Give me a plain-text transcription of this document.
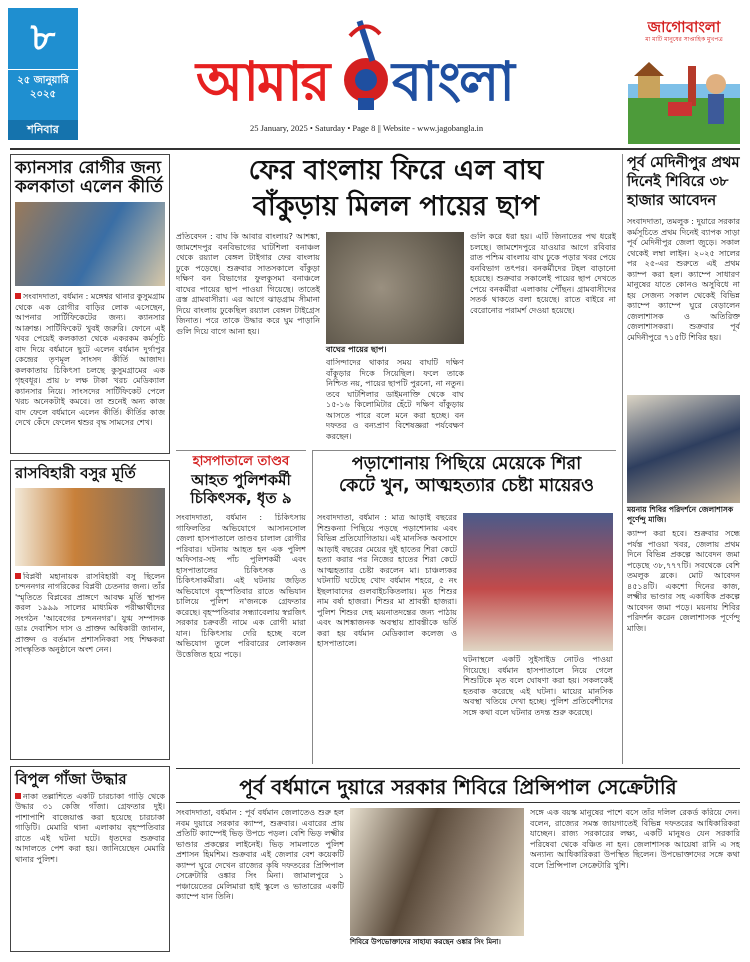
৮
২৫ জানুয়ারি ২০২৫
শনিবার
আমার বাংলা
25 January, 2025 • Saturday • Page 8 || Website - www.jagobangla.in
জাগোবাংলা
মা মাটি মানুষের সাপ্তাহিক মুখপত্র
ক্যানসার রোগীর জন্য কলকাতা এলেন কীর্তি
সংবাদদাতা, বর্ধমান : মঙ্গেশ্বর থানার কুসুমগ্রাম থেকে এক রোগীর বাড়ির লোক এসেছেন, আপনার সার্টিফিকেটের জন্য। ক্যানসার আক্রান্ত। সার্টিফিকেট খুবই জরুরি। ফোনে এই খবর পেয়েই কলকাতা থেকে একরকম কর্মসূচি বাদ দিয়ে বর্ধমানে ছুটে এলেন বর্ধমান দুর্গাপুর কেন্দ্রের তৃণমূল সাংসদ কীর্তি আজাদ। কলকাতায় চিকিৎসা চলছে কুসুমগ্রামের এক গৃহবধূর। প্রায় ৮ লক্ষ টাকা খরচ মেডিক্যাল ক্যানসার নিয়ে। সাংসদের সার্টিফিকেট পেলে খরচ অনেকটাই কমবে। তা শুনেই অন্য কাজ বাদ ফেলে বর্ধমানে এলেন কীর্তি। কীর্তির কাজ দেখে কেঁদে ফেলেন শ্বশুর বৃদ্ধ সামসের শেখ।
রাসবিহারী বসুর মূর্তি
বিপ্লবী মহানায়ক রাসবিহারী বসু ছিলেন চন্দননগর নাগরিকের বিপ্লবী চেতনার জন্য। তাঁর 'স্মৃতিতে বিপ্লবের প্রাঙ্গণে আবক্ষ মূর্তি স্থাপন করল ১৯৯৯ সালের মাধ্যমিক পরীক্ষার্থীদের সংগঠন 'আবেগের চন্দননগর'। যুগ্ম সম্পাদক ডাঃ দেবাশিস দাস ও প্রাক্তন অধিকারী জানান, প্রাক্তন ও বর্তমান প্রশাসনিকরা সহ শিক্ষকরা সাংস্কৃতিক অনুষ্ঠানে অংশ নেন।
বিপুল গাঁজা উদ্ধার
নাকা তল্লাশিতে একটি চারচাকা গাড়ি থেকে উদ্ধার ৩১ কেজি গাঁজা। গ্রেফতার দুই। পাশাপাশি বাজেয়াপ্ত করা হয়েছে চারচাকা গাড়িটি। মেমারি থানা এলাকায় বৃহস্পতিবার রাতে এই ঘটনা ঘটে। ধৃতদের শুক্রবার আদালতে পেশ করা হয়। জানিয়েছেন মেমারি থানার পুলিশ।
ফের বাংলায় ফিরে এল বাঘ
বাঁকুড়ায় মিলল পায়ের ছাপ
প্রতিবেদন : বাঘ কি আবার বাংলায়? আশঙ্কা, জামশেদপুর বনবিভাগের ঘাটশিলা বনাঞ্চল থেকে রয়্যাল বেঙ্গল টাইগার ফের বাংলায় ঢুকে পড়েছে। শুক্রবার সাতসকালে বাঁকুড়া দক্ষিণ বন বিভাগের ফুলকুসমা বনাঞ্চলে বাঘের পায়ের ছাপ পাওয়া গিয়েছে। তাতেই ত্রস্ত গ্রামবাসীরা। এর আগে ঝাড়গ্রাম সীমানা দিয়ে বাংলায় ঢুকেছিল রয়্যাল বেঙ্গল টাইগ্রেস জিনাত। পরে তাকে উদ্ধার করে ঘুম পাড়ানি গুলি দিয়ে বাগে আনা হয়।
বাঘের পায়ের ছাপ।
বাসিন্দাদের থাকার সময় বাঘটি দক্ষিণ বাঁকুড়ার দিকে সিয়েছিল। ফলে তাকে নিশ্চিত নয়, পায়ের ছাপটি পুরনো, না নতুন। তবে ঘাটশিলার ডাইমনাক্তি থেকে বাঘ ১৫-১৬ কিলোমিটার হেঁটে দক্ষিণ বাঁকুড়ায় আসতে পারে বলে মনে করা হচ্ছে। বন দফতর ও বন্যপ্রাণ বিশেষজ্ঞরা পর্যবেক্ষণ করছেন।
গুলি করে ধরা হয়। এটি জিনাতের পথ ধরেই চলছে। জামশেদপুরে যাওয়ার আগে রবিবার রাত পশ্চিম বাংলায় বাঘ ঢুকে পড়ার খবর পেয়ে বনবিভাগ তৎপর। বনকর্মীদের টহল বাড়ানো হয়েছে। শুক্রবার সকালেই পায়ের ছাপ দেখতে পেয়ে বনকর্মীরা এলাকায় পৌঁছন। গ্রামবাসীদের সতর্ক থাকতে বলা হয়েছে। রাতে বাইরে না বেরোনোর পরামর্শ দেওয়া হয়েছে।
পূর্ব মেদিনীপুর প্রথম দিনেই শিবিরে ৩৮ হাজার আবেদন
সংবাদদাতা, তমলুক : দুয়ারে সরকার কর্মসূচিতে প্রথম দিনেই ব্যাপক সাড়া পূর্ব মেদিনীপুর জেলা জুড়ে। সকাল থেকেই লম্বা লাইন। ২০২৫ সালের পর ২৫-এর শুরুতে এই প্রথম ক্যাম্প করা হল। ক্যাম্পে সাধারণ মানুষের যাতে কোনও অসুবিধে না হয় সেজন্য সকাল থেকেই বিভিন্ন ক্যাম্পে ক্যাম্পে ঘুরে বেড়ালেন জেলাশাসক ও অতিরিক্ত জেলাশাসকরা। শুক্রবার পূর্ব মেদিনীপুরে ৭১৫টি শিবির হয়।
ময়নায় শিবির পরিদর্শনে জেলাশাসক পূর্ণেন্দু মাজি।
ক্যাম্প করা হবে। শুক্রবার সন্ধে পর্যন্ত পাওয়া খবর, জেলায় প্রথম দিনে বিভিন্ন প্রকল্পে আবেদন জমা পড়েছে ৩৮,৭৭৭টি। সবথেকে বেশি তমলুক ব্লকে। মোট আবেদন ৪৫১৪টি। একশো দিনের কাজ, লক্ষ্মীর ভাণ্ডার সহ একাধিক প্রকল্পে আবেদন জমা পড়ে। ময়নায় শিবির পরিদর্শন করেন জেলাশাসক পূর্ণেন্দু মাজি।
হাসপাতালে তাণ্ডব
আহত পুলিশকর্মী চিকিৎসক, ধৃত ৯
সংবাদদাতা, বর্ধমান : চিকিৎসায় গাফিলতির অভিযোগে আসানসোল জেলা হাসপাতালে তাণ্ডব চালাল রোগীর পরিবার। ঘটনায় আহত হন এক পুলিশ অফিসার-সহ পাঁচ পুলিশকর্মী এবং হাসপাতালের চিকিৎসক ও চিকিৎসাকর্মীরা। এই ঘটনায় জড়িত অভিযোগে বৃহস্পতিবার রাতে অভিযান চালিয়ে পুলিশ ন'জনকে গ্রেফতার করেছে। বৃহস্পতিবার সন্ধ্যাবেলায় স্বপ্নজিৎ সরকার চক্রবর্তী নামে এক রোগী মারা যান। চিকিৎসায় দেরি হচ্ছে বলে অভিযোগ তুলে পরিবারের লোকজন উত্তেজিত হয়ে পড়ে।
পড়াশোনায় পিছিয়ে মেয়েকে শিরা
কেটে খুন, আত্মহত্যার চেষ্টা মায়েরও
সংবাদদাতা, বর্ধমান : মাত্র আড়াই বছরের শিশুকন্যা পিছিয়ে পড়ছে পড়াশোনায় এবং বিভিন্ন প্রতিযোগিতায়। এই মানসিক অবসাদে আড়াই বছরের মেয়ের দুই হাতের শিরা কেটে হত্যা করার পর নিজের হাতের শিরা কেটে আত্মহত্যার চেষ্টা করলেন মা। চাঞ্চল্যকর ঘটনাটি ঘটেছে খোদ বর্ধমান শহরে, ৫ নং ইছলাবাদের গুলবাইচকিতলায়। মৃত শিশুর নাম বর্ষা হাজরা। শিশুর মা শ্রাবন্তী হাজরা। পুলিশ শিশুর দেহ ময়নাতদন্তের জন্য পাঠায় এবং আশঙ্কাজনক অবস্থায় শ্রাবন্তীকে ভর্তি করা হয় বর্ধমান মেডিক্যাল কলেজ ও হাসপাতালে।
ঘটনাস্থলে একটি সুইসাইড নোটও পাওয়া গিয়েছে। বর্ধমান হাসপাতালে নিয়ে গেলে শিশুটিকে মৃত বলে ঘোষণা করা হয়। সকলকেই হতবাক করেছে এই ঘটনা। মায়ের মানসিক অবস্থা খতিয়ে দেখা হচ্ছে। পুলিশ প্রতিবেশীদের সঙ্গে কথা বলে ঘটনার তদন্ত শুরু করেছে।
পূর্ব বর্ধমানে দুয়ারে সরকার শিবিরে প্রিন্সিপাল সেক্রেটারি
সংবাদদাতা, বর্ধমান : পূর্ব বর্ধমান জেলাতেও শুরু হল নবম দুয়ারে সরকার ক্যাম্প, শুক্রবার। এবারের প্রায় প্রতিটি ক্যাম্পেই ভিড় উপচে পড়ল। বেশি ভিড় লক্ষ্মীর ভাণ্ডার প্রকল্পের লাইনেই। ভিড় সামলাতে পুলিশ প্রশাসন হিমশিম। শুক্রবার এই জেলার বেশ কয়েকটি ক্যাম্প ঘুরে দেখেন রাজ্যের কৃষি দফতরের প্রিন্সিপাল সেক্রেটারি ওঙ্কার সিং মিনা। জামালপুরে ১ পঞ্চায়েতের মেলিমারা হাই স্কুলে ও ভাতারের একটি ক্যাম্পে যান তিনি।
শিবিরে উপভোক্তাদের সাহায্য করছেন ওঙ্কার সিং মিনা।
সঙ্গে এক বয়স্ক মানুষের পাশে বসে তাঁর দলিল রেকর্ড করিয়ে দেন। বলেন, রাজ্যের সমস্ত জায়গাতেই বিভিন্ন দফতরের আধিকারিকরা যাচ্ছেন। রাজ্য সরকারের লক্ষ্য, একটি মানুষও যেন সরকারি পরিষেবা থেকে বঞ্চিত না হন। জেলাশাসক আয়েষা রানি এ সহ অন্যান্য আধিকারিকরা উপস্থিত ছিলেন। উপভোক্তাদের সঙ্গে কথা বলে প্রিন্সিপাল সেক্রেটারি খুশি।
